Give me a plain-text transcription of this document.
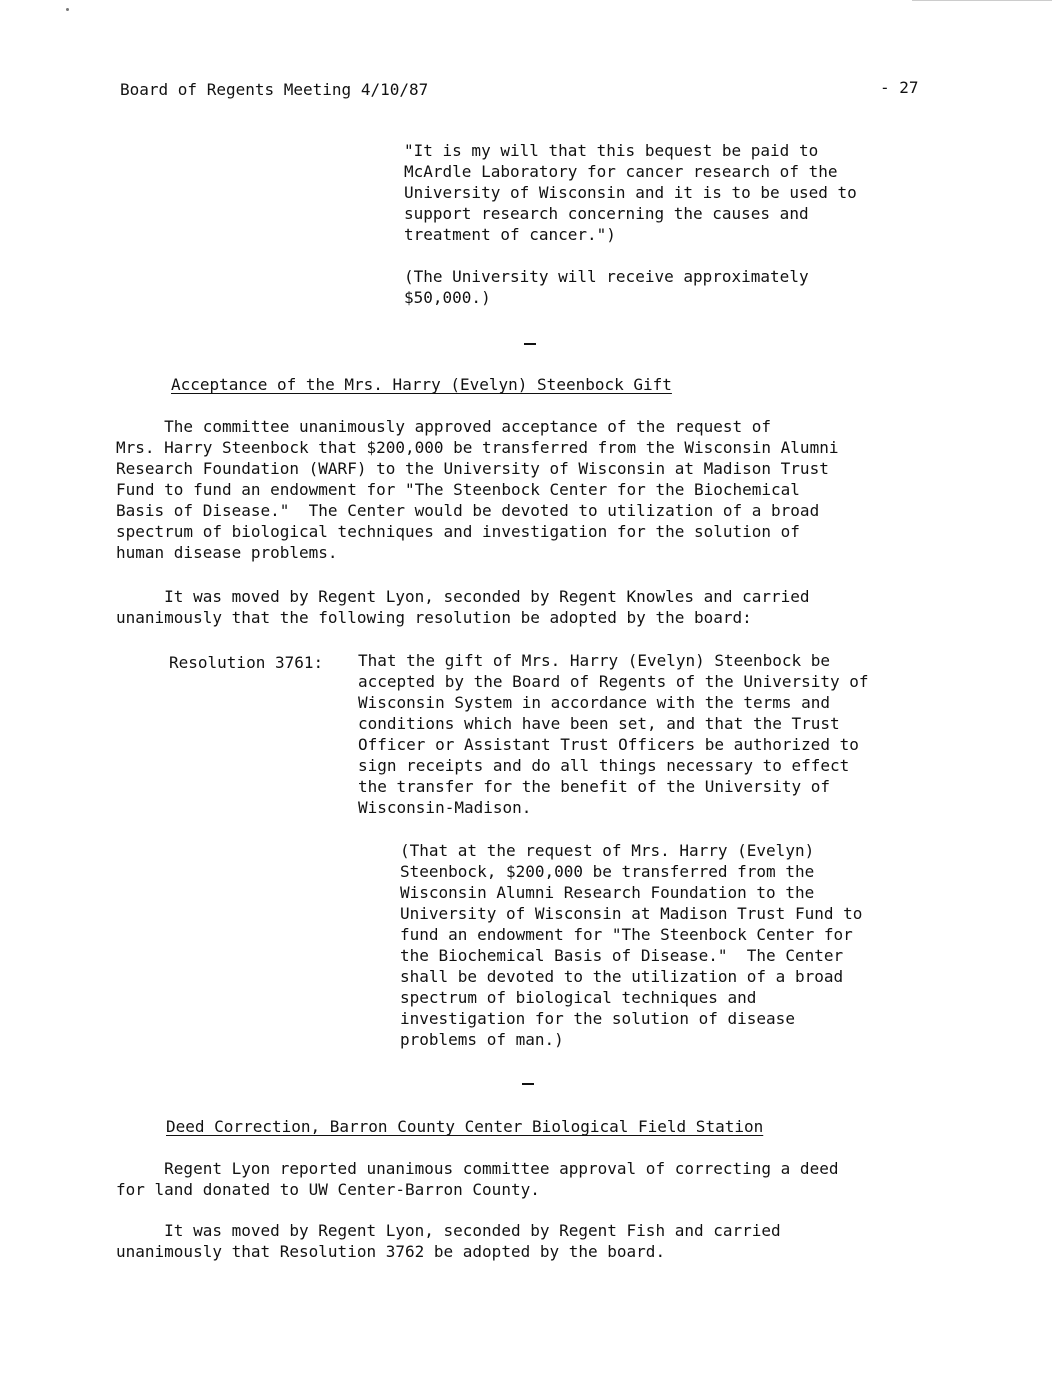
Board of Regents Meeting 4/10/87	- 27

"It is my will that this bequest be paid to
McArdle Laboratory for cancer research of the
University of Wisconsin and it is to be used to
support research concerning the causes and
treatment of cancer.")
(The University will receive approximately
$50,000.)

Acceptance of the Mrs. Harry (Evelyn) Steenbock Gift

The committee unanimously approved acceptance of the request of
Mrs. Harry Steenbock that $200,000 be transferred from the Wisconsin Alumni
Research Foundation (WARF) to the University of Wisconsin at Madison Trust
Fund to fund an endowment for "The Steenbock Center for the Biochemical
Basis of Disease."  The Center would be devoted to utilization of a broad
spectrum of biological techniques and investigation for the solution of
human disease problems.
It was moved by Regent Lyon, seconded by Regent Knowles and carried
unanimously that the following resolution be adopted by the board:

Resolution 3761: That the gift of Mrs. Harry (Evelyn) Steenbock be
accepted by the Board of Regents of the University of
Wisconsin System in accordance with the terms and
conditions which have been set, and that the Trust
Officer or Assistant Trust Officers be authorized to
sign receipts and do all things necessary to effect
the transfer for the benefit of the University of
Wisconsin-Madison.
(That at the request of Mrs. Harry (Evelyn)
Steenbock, $200,000 be transferred from the
Wisconsin Alumni Research Foundation to the
University of Wisconsin at Madison Trust Fund to
fund an endowment for "The Steenbock Center for
the Biochemical Basis of Disease."  The Center
shall be devoted to the utilization of a broad
spectrum of biological techniques and
investigation for the solution of disease
problems of man.)

Deed Correction, Barron County Center Biological Field Station

Regent Lyon reported unanimous committee approval of correcting a deed
for land donated to UW Center-Barron County.
It was moved by Regent Lyon, seconded by Regent Fish and carried
unanimously that Resolution 3762 be adopted by the board.
